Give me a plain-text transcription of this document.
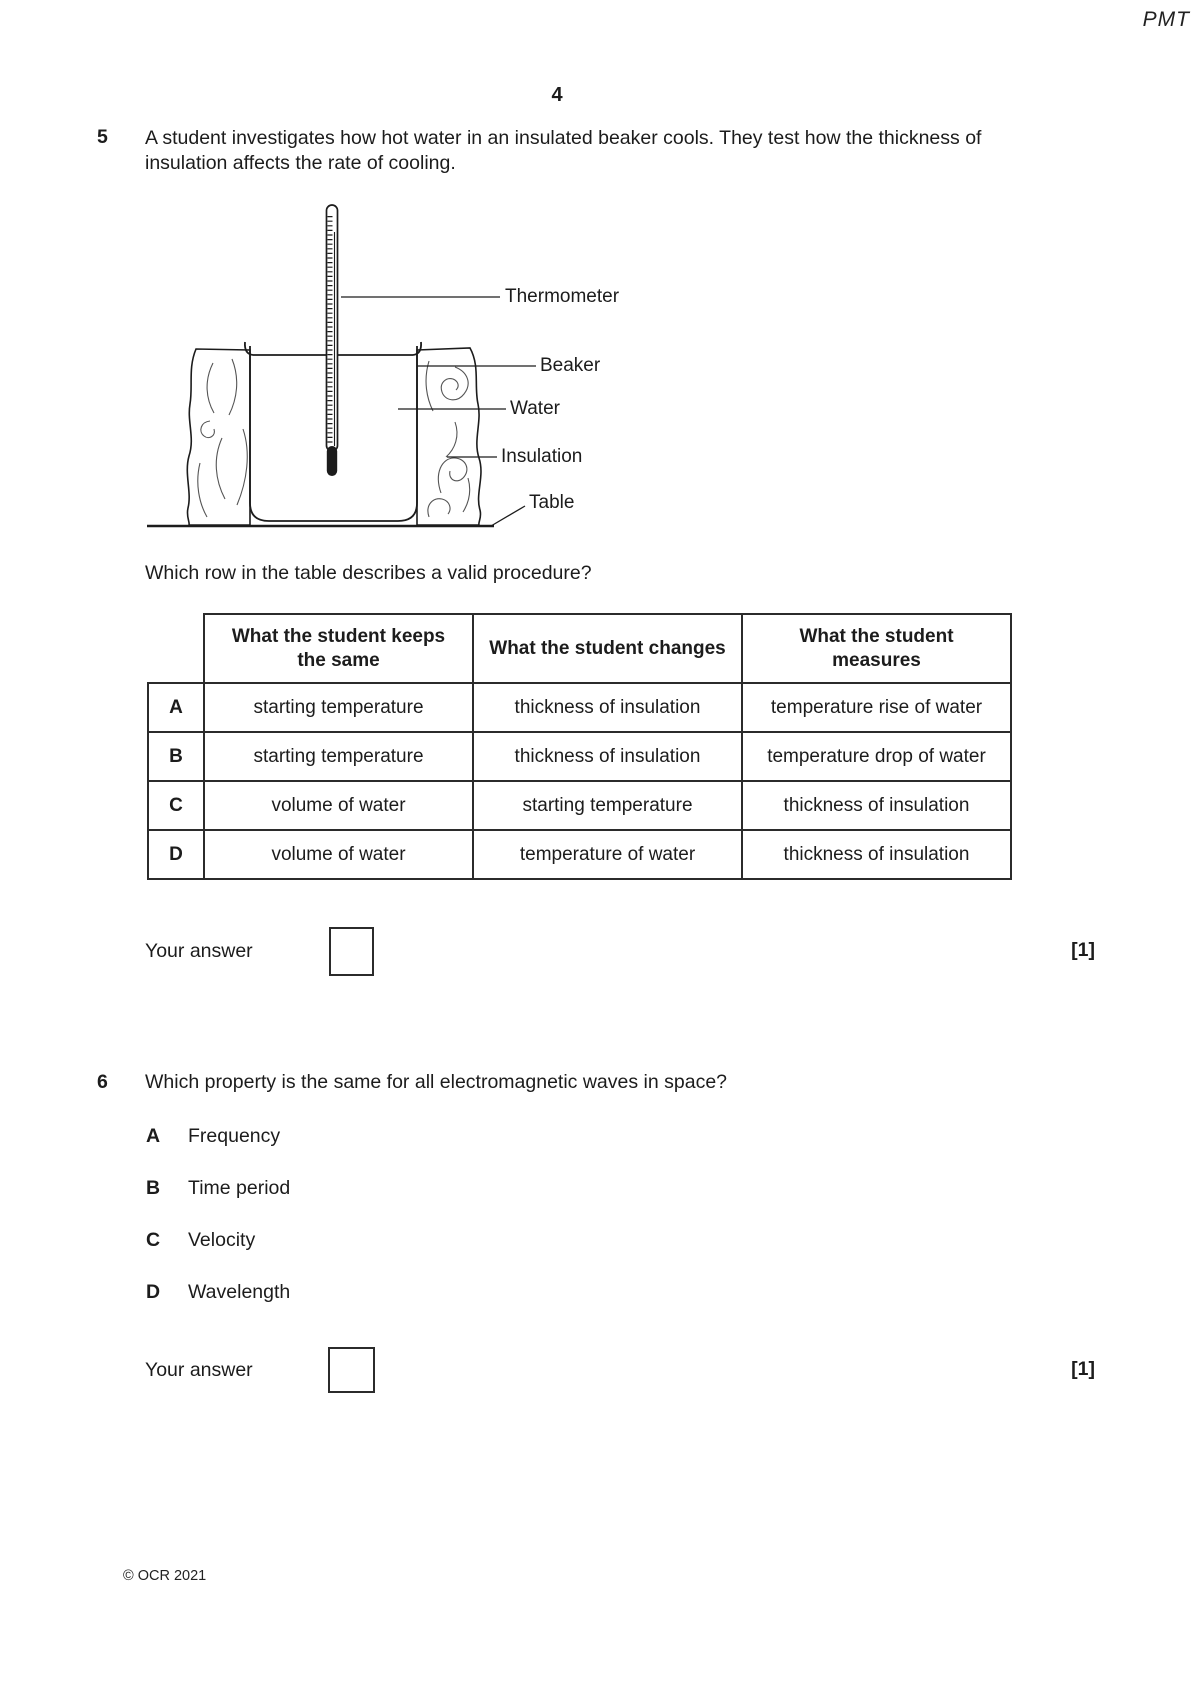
PMT
4
5 A student investigates how hot water in an insulated beaker cools. They test how the thickness of insulation affects the rate of cooling.

Thermometer
Beaker
Water
Insulation
Table
Which row in the table describes a valid procedure?
	What the student keeps the same	What the student changes	What the student measures
A	starting temperature	thickness of insulation	temperature rise of water
B	starting temperature	thickness of insulation	temperature drop of water
C	volume of water	starting temperature	thickness of insulation
D	volume of water	temperature of water	thickness of insulation
Your answer	[1]
6 Which property is the same for all electromagnetic waves in space?
A	Frequency
B	Time period
C	Velocity
D	Wavelength
Your answer	[1]
© OCR 2021
